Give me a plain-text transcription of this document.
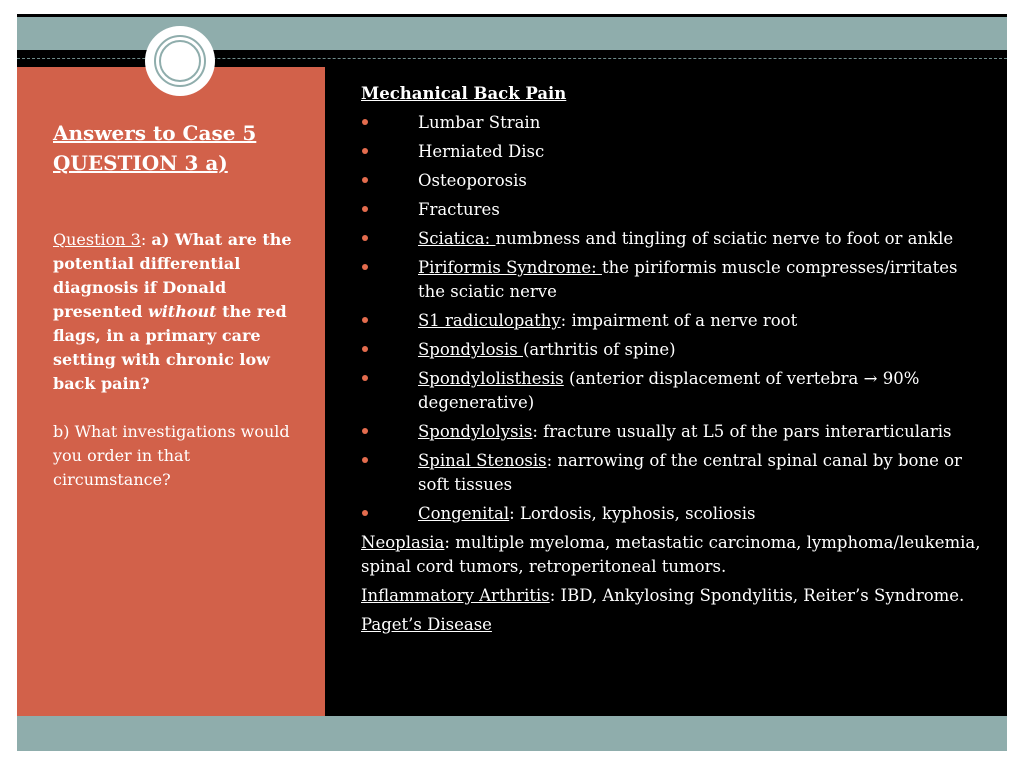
Answers to Case 5 QUESTION 3 a)
Question 3: a) What are the potential differential diagnosis if Donald presented without the red flags, in a primary care setting with chronic low back pain?
b) What investigations would you order in that circumstance?
Mechanical Back Pain
Lumbar Strain
Herniated Disc
Osteoporosis
Fractures
Sciatica: numbness and tingling of sciatic nerve to foot or ankle
Piriformis Syndrome: the piriformis muscle compresses/irritates the sciatic nerve
S1 radiculopathy: impairment of a nerve root
Spondylosis (arthritis of spine)
Spondylolisthesis (anterior displacement of vertebra → 90% degenerative)
Spondylolysis: fracture usually at L5 of the pars interarticularis
Spinal Stenosis: narrowing of the central spinal canal by bone or soft tissues
Congenital: Lordosis, kyphosis, scoliosis
Neoplasia: multiple myeloma, metastatic carcinoma, lymphoma/leukemia, spinal cord tumors, retroperitoneal tumors.
Inflammatory Arthritis: IBD, Ankylosing Spondylitis, Reiter’s Syndrome.
Paget’s Disease
